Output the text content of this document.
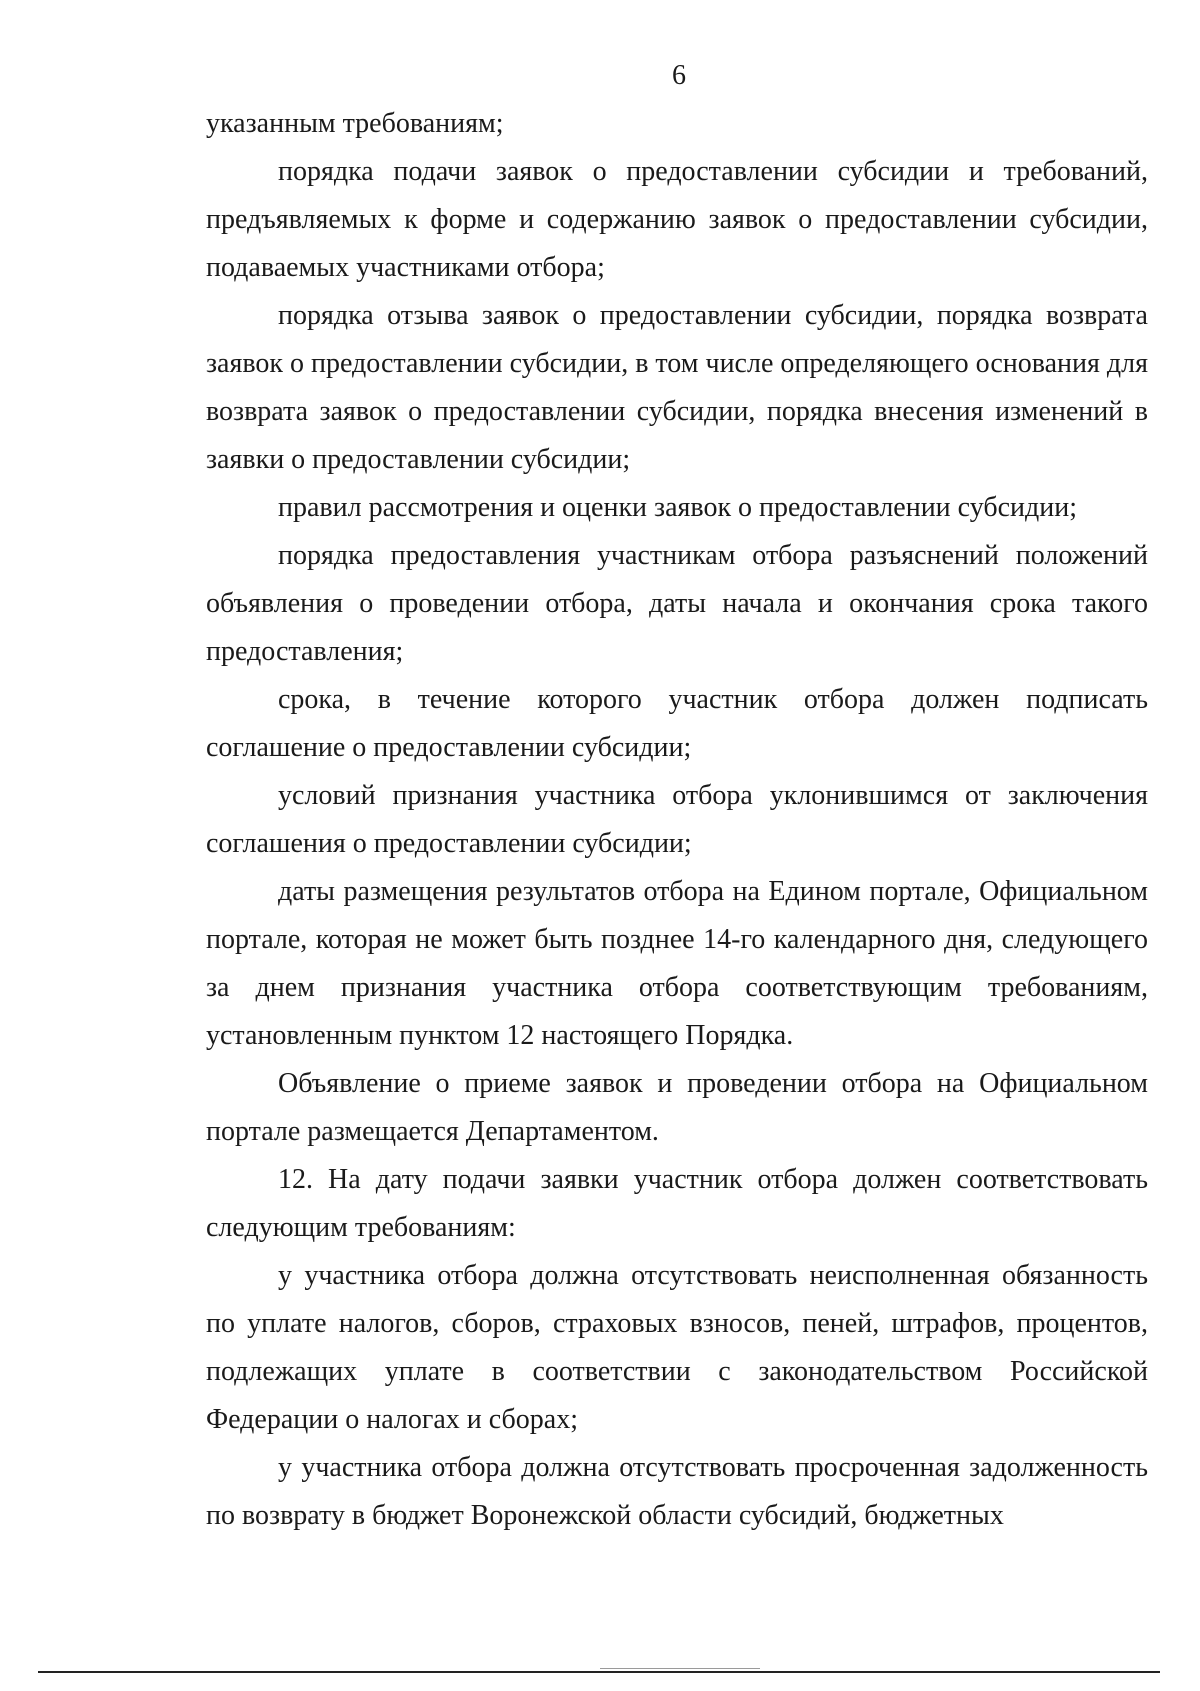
6

указанным требованиям;

порядка подачи заявок о предоставлении субсидии и требований, предъявляемых к форме и содержанию заявок о предоставлении субсидии, подаваемых участниками отбора;

порядка отзыва заявок о предоставлении субсидии, порядка возврата заявок о предоставлении субсидии, в том числе определяющего основания для возврата заявок о предоставлении субсидии, порядка внесения изменений в заявки о предоставлении субсидии;

правил рассмотрения и оценки заявок о предоставлении субсидии;

порядка предоставления участникам отбора разъяснений положений объявления о проведении отбора, даты начала и окончания срока такого предоставления;

срока, в течение которого участник отбора должен подписать соглашение о предоставлении субсидии;

условий признания участника отбора уклонившимся от заключения соглашения о предоставлении субсидии;

даты размещения результатов отбора на Едином портале, Официальном портале, которая не может быть позднее 14-го календарного дня, следующего за днем признания участника отбора соответствующим требованиям, установленным пунктом 12 настоящего Порядка.

Объявление о приеме заявок и проведении отбора на Официальном портале размещается Департаментом.

12. На дату подачи заявки участник отбора должен соответствовать следующим требованиям:

у участника отбора должна отсутствовать неисполненная обязанность по уплате налогов, сборов, страховых взносов, пеней, штрафов, процентов, подлежащих уплате в соответствии с законодательством Российской Федерации о налогах и сборах;

у участника отбора должна отсутствовать просроченная задолженность по возврату в бюджет Воронежской области субсидий, бюджетных
